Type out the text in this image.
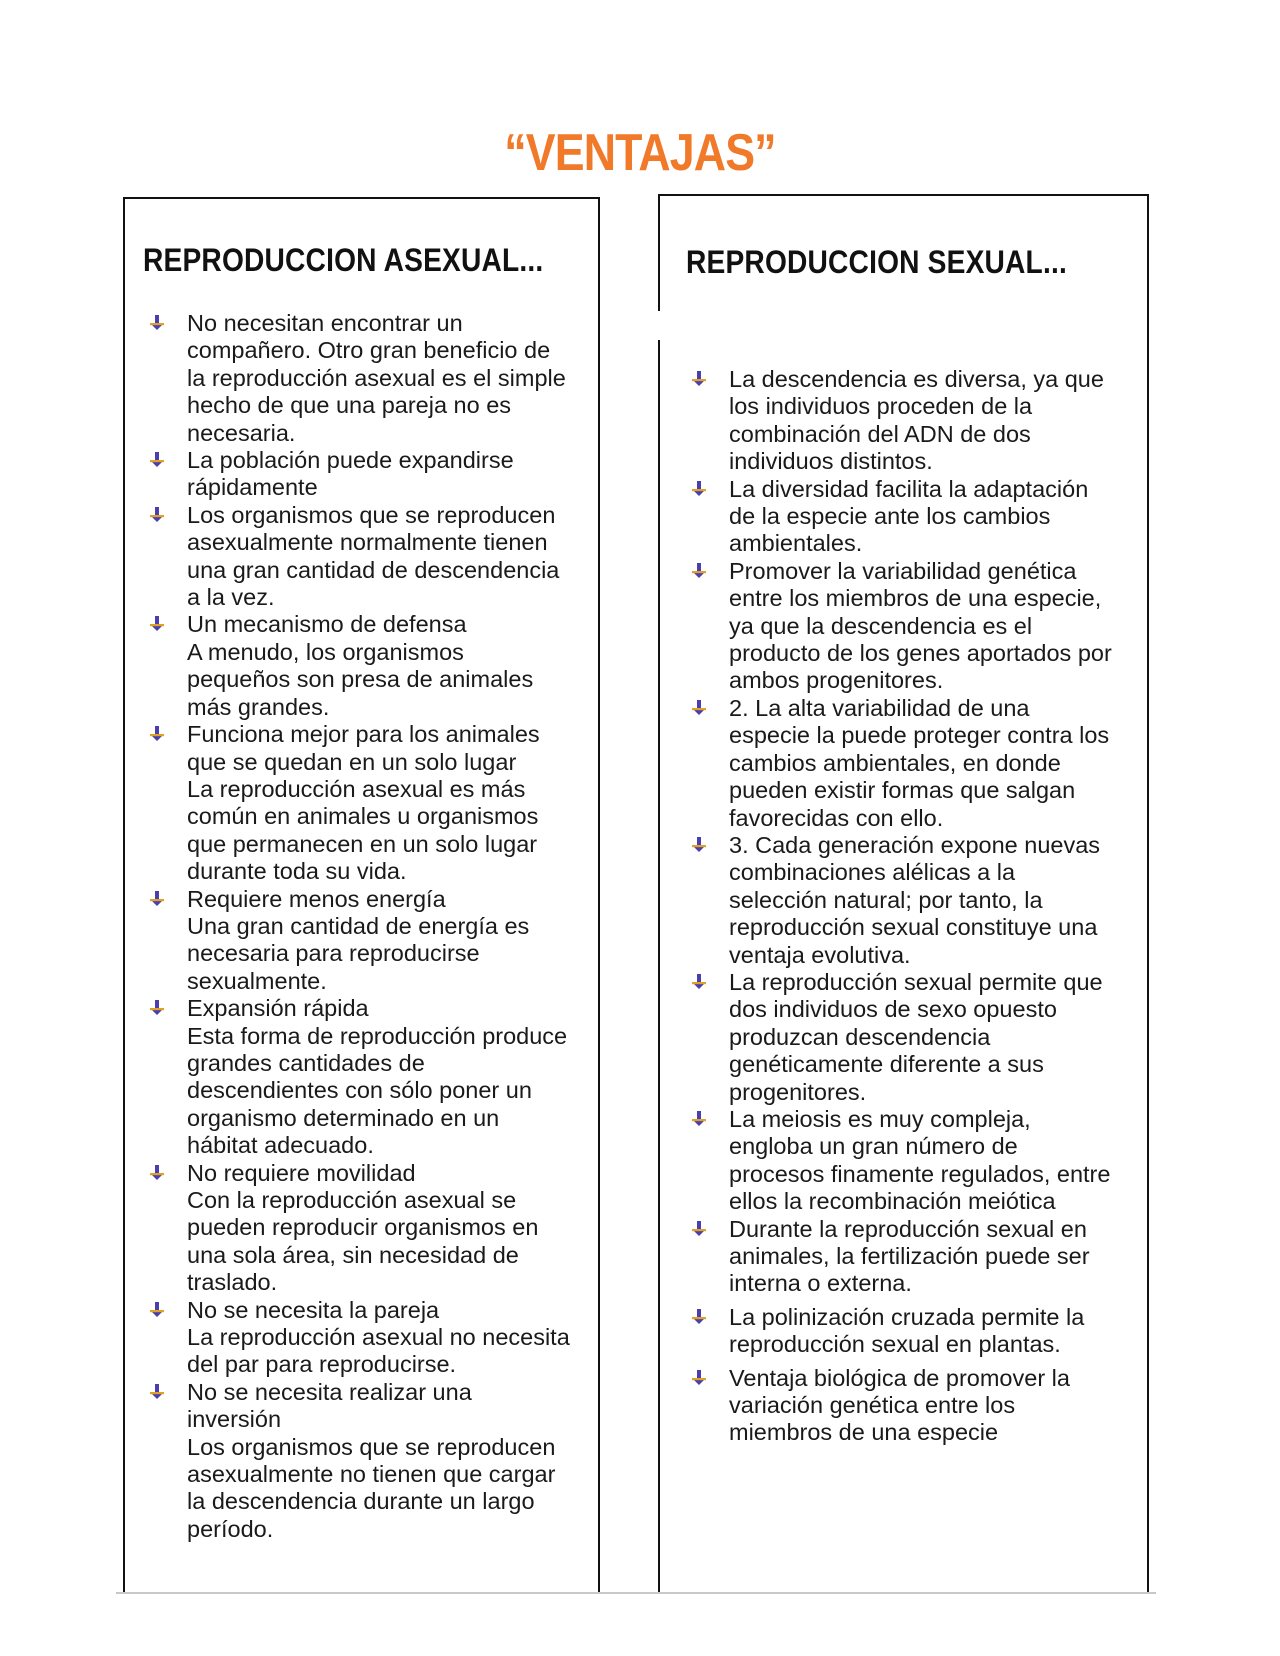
“VENTAJAS”
REPRODUCCION ASEXUAL...	REPRODUCCION SEXUAL...
No necesitan encontrar un
compañero. Otro gran beneficio de
la reproducción asexual es el simple
hecho de que una pareja no es
necesaria.
La población puede expandirse
rápidamente
Los organismos que se reproducen
asexualmente normalmente tienen
una gran cantidad de descendencia
a la vez.
Un mecanismo de defensa
A menudo, los organismos
pequeños son presa de animales
más grandes.
Funciona mejor para los animales
que se quedan en un solo lugar
La reproducción asexual es más
común en animales u organismos
que permanecen en un solo lugar
durante toda su vida.
Requiere menos energía
Una gran cantidad de energía es
necesaria para reproducirse
sexualmente.
Expansión rápida
Esta forma de reproducción produce
grandes cantidades de
descendientes con sólo poner un
organismo determinado en un
hábitat adecuado.
No requiere movilidad
Con la reproducción asexual se
pueden reproducir organismos en
una sola área, sin necesidad de
traslado.
No se necesita la pareja
La reproducción asexual no necesita
del par para reproducirse.
No se necesita realizar una
inversión
Los organismos que se reproducen
asexualmente no tienen que cargar
la descendencia durante un largo
período.
La descendencia es diversa, ya que
los individuos proceden de la
combinación del ADN de dos
individuos distintos.
La diversidad facilita la adaptación
de la especie ante los cambios
ambientales.
Promover la variabilidad genética
entre los miembros de una especie,
ya que la descendencia es el
producto de los genes aportados por
ambos progenitores.
2. La alta variabilidad de una
especie la puede proteger contra los
cambios ambientales, en donde
pueden existir formas que salgan
favorecidas con ello.
3. Cada generación expone nuevas
combinaciones alélicas a la
selección natural; por tanto, la
reproducción sexual constituye una
ventaja evolutiva.
La reproducción sexual permite que
dos individuos de sexo opuesto
produzcan descendencia
genéticamente diferente a sus
progenitores.
La meiosis es muy compleja,
engloba un gran número de
procesos finamente regulados, entre
ellos la recombinación meiótica
Durante la reproducción sexual en
animales, la fertilización puede ser
interna o externa.
La polinización cruzada permite la
reproducción sexual en plantas.
Ventaja biológica de promover la
variación genética entre los
miembros de una especie
